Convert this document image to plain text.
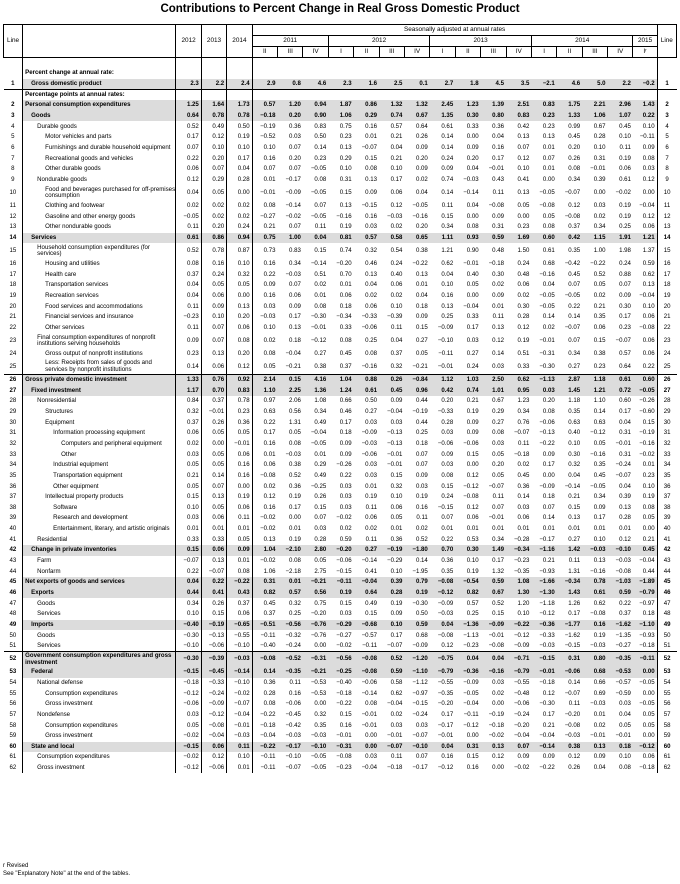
Contributions to Percent Change in Real Gross Domestic Product
Line		2012	2013	2014	Seasonally adjusted at annual rates																Line
					2011			2012				2013				2014				2015	
					II	III	IV	I	II	III	IV	I	II	III	IV	I	II	III	IV	Iʳ	

	Percent change at annual rate:																				
1	Gross domestic product	2.3	2.2	2.4	2.9	0.8	4.6	2.3	1.6	2.5	0.1	2.7	1.8	4.5	3.5	−2.1	4.6	5.0	2.2	−0.2	1
	Percentage points at annual rates:																				
2	Personal consumption expenditures	1.25	1.64	1.73	0.57	1.20	0.94	1.87	0.86	1.32	1.32	2.45	1.23	1.39	2.51	0.83	1.75	2.21	2.96	1.43	2
3	Goods	0.64	0.78	0.78	−0.18	0.20	0.90	1.06	0.29	0.74	0.67	1.35	0.30	0.80	0.83	0.23	1.33	1.06	1.07	0.22	3
4	Durable goods	0.52	0.49	0.50	−0.19	0.36	0.83	0.75	0.16	0.57	0.64	0.61	0.33	0.36	0.42	0.23	0.99	0.67	0.45	0.10	4
5	Motor vehicles and parts	0.17	0.12	0.19	−0.52	0.03	0.50	0.23	0.01	0.21	0.26	0.14	0.00	0.04	0.13	0.13	0.45	0.28	0.10	−0.11	5
6	Furnishings and durable household equipment	0.07	0.10	0.10	0.10	0.07	0.14	0.13	−0.07	0.04	0.09	0.14	0.09	0.16	0.07	0.01	0.20	0.10	0.11	0.09	6
7	Recreational goods and vehicles	0.22	0.20	0.17	0.16	0.20	0.23	0.29	0.15	0.21	0.20	0.24	0.20	0.17	0.12	0.07	0.26	0.31	0.19	0.08	7
8	Other durable goods	0.06	0.07	0.04	0.07	0.07	−0.05	0.10	0.08	0.10	0.09	0.09	0.04	−0.01	0.10	0.01	0.08	−0.01	0.06	0.03	8
9	Nondurable goods	0.12	0.29	0.28	0.01	−0.17	0.08	0.31	0.13	0.17	0.02	0.74	−0.03	0.43	0.41	0.00	0.34	0.39	0.61	0.12	9
10	Food and beverages purchased for off-premises consumption	0.04	0.05	0.00	−0.01	−0.09	−0.05	0.15	0.09	0.06	0.04	0.14	−0.14	0.11	0.13	−0.05	−0.07	0.00	−0.02	0.00	10
11	Clothing and footwear	0.02	0.02	0.02	0.08	−0.14	0.07	0.13	−0.15	0.12	−0.05	0.11	0.04	−0.08	0.05	−0.08	0.12	0.03	0.19	−0.04	11
12	Gasoline and other energy goods	−0.05	0.02	0.02	−0.27	−0.02	−0.05	−0.16	0.16	−0.03	−0.16	0.15	0.00	0.09	0.00	0.05	−0.08	0.02	0.19	0.12	12
13	Other nondurable goods	0.11	0.20	0.24	0.21	0.07	0.11	0.19	0.03	0.02	0.20	0.34	0.08	0.31	0.23	0.08	0.37	0.34	0.25	0.06	13
14	Services	0.61	0.86	0.94	0.75	1.00	0.04	0.81	0.57	0.58	0.65	1.11	0.93	0.59	1.69	0.60	0.42	1.15	1.91	1.21	14
15	Household consumption expenditures (for services)	0.52	0.78	0.87	0.73	0.83	0.15	0.74	0.32	0.54	0.38	1.21	0.90	0.48	1.50	0.61	0.35	1.00	1.98	1.37	15
16	Housing and utilities	0.08	0.16	0.10	0.16	0.34	−0.14	−0.20	0.46	0.24	−0.22	0.62	−0.01	−0.18	0.24	0.68	−0.42	−0.22	0.24	0.59	16
17	Health care	0.37	0.24	0.32	0.22	−0.03	0.51	0.70	0.13	0.40	0.13	0.04	0.40	0.30	0.48	−0.16	0.45	0.52	0.88	0.62	17
18	Transportation services	0.04	0.05	0.05	0.09	0.07	0.02	0.01	0.04	0.06	0.01	0.10	0.05	0.02	0.06	0.04	0.07	0.05	0.07	0.13	18
19	Recreation services	0.04	0.06	0.00	0.16	0.06	0.01	0.06	0.02	0.02	0.04	0.16	0.00	0.09	0.02	−0.05	−0.05	0.02	0.09	−0.04	19
20	Food services and accommodations	0.11	0.09	0.13	0.03	0.09	0.08	0.18	0.06	0.10	0.18	0.13	−0.04	0.01	0.30	−0.05	0.22	0.21	0.30	0.10	20
21	Financial services and insurance	−0.23	0.10	0.20	−0.03	0.17	−0.30	−0.34	−0.33	−0.39	0.09	0.25	0.33	0.11	0.28	0.14	0.14	0.35	0.17	0.06	21
22	Other services	0.11	0.07	0.06	0.10	0.13	−0.01	0.33	−0.06	0.11	0.15	−0.09	0.17	0.13	0.12	0.02	−0.07	0.06	0.23	−0.08	22
23	Final consumption expenditures of nonprofit institutions serving households	0.09	0.07	0.08	0.02	0.18	−0.12	0.08	0.25	0.04	0.27	−0.10	0.03	0.12	0.19	−0.01	0.07	0.15	−0.07	0.06	23
24	Gross output of nonprofit institutions	0.23	0.13	0.20	0.08	−0.04	0.27	0.45	0.08	0.37	0.05	−0.11	0.27	0.14	0.51	−0.31	0.34	0.38	0.57	0.06	24
25	Less: Receipts from sales of goods and services by nonprofit institutions	0.14	0.06	0.12	0.05	−0.21	0.38	0.37	−0.16	0.32	−0.21	−0.01	0.24	0.03	0.33	−0.30	0.27	0.23	0.64	0.22	25
26	Gross private domestic investment	1.33	0.76	0.92	2.14	0.15	4.16	1.04	0.88	0.26	−0.84	1.12	1.03	2.50	0.62	−1.13	2.87	1.18	0.61	0.60	26
27	Fixed investment	1.17	0.70	0.83	1.10	2.25	1.36	1.24	0.61	0.45	0.96	0.42	0.74	1.01	0.95	0.03	1.45	1.21	0.72	−0.05	27
28	Nonresidential	0.84	0.37	0.78	0.97	2.06	1.08	0.66	0.50	0.09	0.44	0.20	0.21	0.67	1.23	0.20	1.18	1.10	0.60	−0.26	28
29	Structures	0.32	−0.01	0.23	0.63	0.56	0.34	0.46	0.27	−0.04	−0.19	−0.33	0.19	0.29	0.34	0.08	0.35	0.14	0.17	−0.60	29
30	Equipment	0.37	0.26	0.36	0.22	1.31	0.49	0.17	0.03	0.03	0.44	0.28	0.09	0.27	0.76	−0.06	0.63	0.63	0.04	0.15	30
31	Information processing equipment	0.06	0.05	0.05	0.17	0.05	−0.04	0.18	−0.09	−0.13	0.25	0.03	0.09	0.08	−0.07	−0.13	0.40	−0.12	0.31	−0.19	31
32	Computers and peripheral equipment	0.02	0.00	−0.01	0.16	0.08	−0.05	0.09	−0.03	−0.13	0.18	−0.06	−0.06	0.03	0.11	−0.22	0.10	0.05	−0.01	−0.16	32
33	Other	0.03	0.05	0.06	0.01	−0.03	0.01	0.09	−0.06	−0.01	0.07	0.09	0.15	0.05	−0.18	0.09	0.30	−0.16	0.31	−0.02	33
34	Industrial equipment	0.05	0.05	0.16	0.06	0.38	0.29	−0.26	0.03	−0.01	0.07	0.03	0.00	0.20	0.02	0.17	0.32	0.35	−0.24	0.01	34
35	Transportation equipment	0.21	0.14	0.16	−0.08	0.52	0.49	0.22	0.03	0.15	0.09	0.08	0.12	0.05	0.45	0.00	0.04	0.45	−0.07	0.23	35
36	Other equipment	0.05	0.07	0.00	0.02	0.36	−0.25	0.03	0.01	0.32	0.03	0.15	−0.12	−0.07	0.36	−0.09	−0.14	−0.05	0.04	0.10	36
37	Intellectual property products	0.15	0.13	0.19	0.12	0.19	0.26	0.03	0.19	0.10	0.19	0.24	−0.08	0.11	0.14	0.18	0.21	0.34	0.39	0.19	37
38	Software	0.10	0.05	0.06	0.16	0.17	0.15	0.03	0.11	0.06	0.16	−0.15	0.12	0.07	0.03	0.07	0.15	0.09	0.13	0.08	38
39	Research and development	0.03	0.06	0.11	−0.02	0.00	0.07	−0.02	0.06	0.05	0.11	0.07	0.06	−0.01	0.06	0.14	0.13	0.17	0.28	0.05	39
40	Entertainment, literary, and artistic originals	0.01	0.01	0.01	−0.02	0.01	0.03	0.02	0.02	0.01	0.02	0.01	0.01	0.01	0.01	0.01	0.01	0.01	0.01	0.00	40
41	Residential	0.33	0.33	0.05	0.13	0.19	0.28	0.59	0.11	0.36	0.52	0.22	0.53	0.34	−0.28	−0.17	0.27	0.10	0.12	0.21	41
42	Change in private inventories	0.15	0.06	0.09	1.04	−2.10	2.80	−0.20	0.27	−0.19	−1.80	0.70	0.30	1.49	−0.34	−1.16	1.42	−0.03	−0.10	0.45	42
43	Farm	−0.07	0.13	0.01	−0.02	0.08	0.05	−0.06	−0.14	−0.29	0.14	0.36	0.10	0.17	−0.23	0.21	0.11	0.13	−0.03	−0.04	43
44	Nonfarm	0.22	−0.07	0.08	1.06	−2.18	2.75	−0.15	0.41	0.10	−1.95	0.35	0.19	1.32	−0.35	−0.93	1.31	−0.16	−0.08	0.44	44
45	Net exports of goods and services	0.04	0.22	−0.22	0.31	0.01	−0.21	−0.11	−0.04	0.39	0.79	−0.08	−0.54	0.59	1.08	−1.66	−0.34	0.78	−1.03	−1.89	45
46	Exports	0.44	0.41	0.43	0.82	0.57	0.56	0.19	0.64	0.28	0.19	−0.12	0.82	0.67	1.30	−1.30	1.43	0.61	0.59	−0.79	46
47	Goods	0.34	0.26	0.37	0.45	0.32	0.75	0.15	0.49	0.19	−0.30	−0.09	0.57	0.52	1.20	−1.18	1.26	0.62	0.22	−0.97	47
48	Services	0.10	0.15	0.06	0.37	0.25	−0.20	0.03	0.15	0.09	0.50	−0.03	0.25	0.15	0.10	−0.12	0.17	−0.08	0.37	0.18	48
49	Imports	−0.40	−0.19	−0.65	−0.51	−0.56	−0.76	−0.29	−0.68	0.10	0.59	0.04	−1.36	−0.09	−0.22	−0.36	−1.77	0.16	−1.62	−1.10	49
50	Goods	−0.30	−0.13	−0.55	−0.11	−0.32	−0.76	−0.27	−0.57	0.17	0.68	−0.08	−1.13	−0.01	−0.12	−0.33	−1.62	0.19	−1.35	−0.93	50
51	Services	−0.10	−0.06	−0.10	−0.40	−0.24	0.00	−0.02	−0.11	−0.07	−0.09	0.12	−0.23	−0.08	−0.09	−0.03	−0.15	−0.03	−0.27	−0.18	51
52	Government consumption expenditures and gross investment	−0.30	−0.39	−0.03	−0.08	−0.52	−0.31	−0.56	−0.08	0.52	−1.20	−0.75	0.04	0.04	−0.71	−0.15	0.31	0.80	−0.35	−0.11	52
53	Federal	−0.15	−0.45	−0.14	0.14	−0.35	−0.21	−0.25	−0.08	0.59	−1.10	−0.79	−0.36	−0.16	−0.79	−0.01	−0.06	0.68	−0.53	0.00	53
54	National defense	−0.18	−0.33	−0.10	0.36	0.11	−0.53	−0.40	−0.06	0.58	−1.12	−0.55	−0.09	0.03	−0.55	−0.18	0.14	0.66	−0.57	−0.05	54
55	Consumption expenditures	−0.12	−0.24	−0.02	0.28	0.16	−0.53	−0.18	−0.14	0.62	−0.97	−0.35	−0.05	0.02	−0.48	0.12	−0.07	0.69	−0.59	0.00	55
56	Gross investment	−0.06	−0.09	−0.07	0.08	−0.06	0.00	−0.22	0.08	−0.04	−0.15	−0.20	−0.04	0.00	−0.06	−0.30	0.11	−0.03	0.03	−0.05	56
57	Nondefense	0.03	−0.12	−0.04	−0.22	−0.45	0.32	0.15	−0.01	0.02	−0.24	0.17	−0.11	−0.19	−0.24	0.17	−0.20	0.01	0.04	0.05	57
58	Consumption expenditures	0.05	−0.08	−0.01	−0.18	−0.42	0.35	0.16	−0.01	0.03	0.03	−0.17	−0.12	−0.18	−0.20	0.21	−0.08	0.02	0.05	0.05	58
59	Gross investment	−0.02	−0.04	−0.03	−0.04	−0.03	−0.03	−0.01	0.00	−0.01	−0.07	−0.01	0.00	−0.02	−0.04	−0.04	−0.03	−0.01	−0.01	0.00	59
60	State and local	−0.15	0.06	0.11	−0.22	−0.17	−0.10	−0.31	0.00	−0.07	−0.10	0.04	0.31	0.13	0.07	−0.14	0.38	0.13	0.18	−0.12	60
61	Consumption expenditures	−0.02	0.12	0.10	−0.11	−0.10	−0.05	−0.08	0.03	0.11	0.07	0.16	0.15	0.12	0.09	0.09	0.12	0.09	0.10	0.06	61
62	Gross investment	−0.12	−0.06	0.01	−0.11	−0.07	−0.05	−0.23	−0.04	−0.18	−0.17	−0.12	0.16	0.00	−0.02	−0.22	0.26	0.04	0.08	−0.18	62
r Revised
See "Explanatory Note" at the end of the tables.
